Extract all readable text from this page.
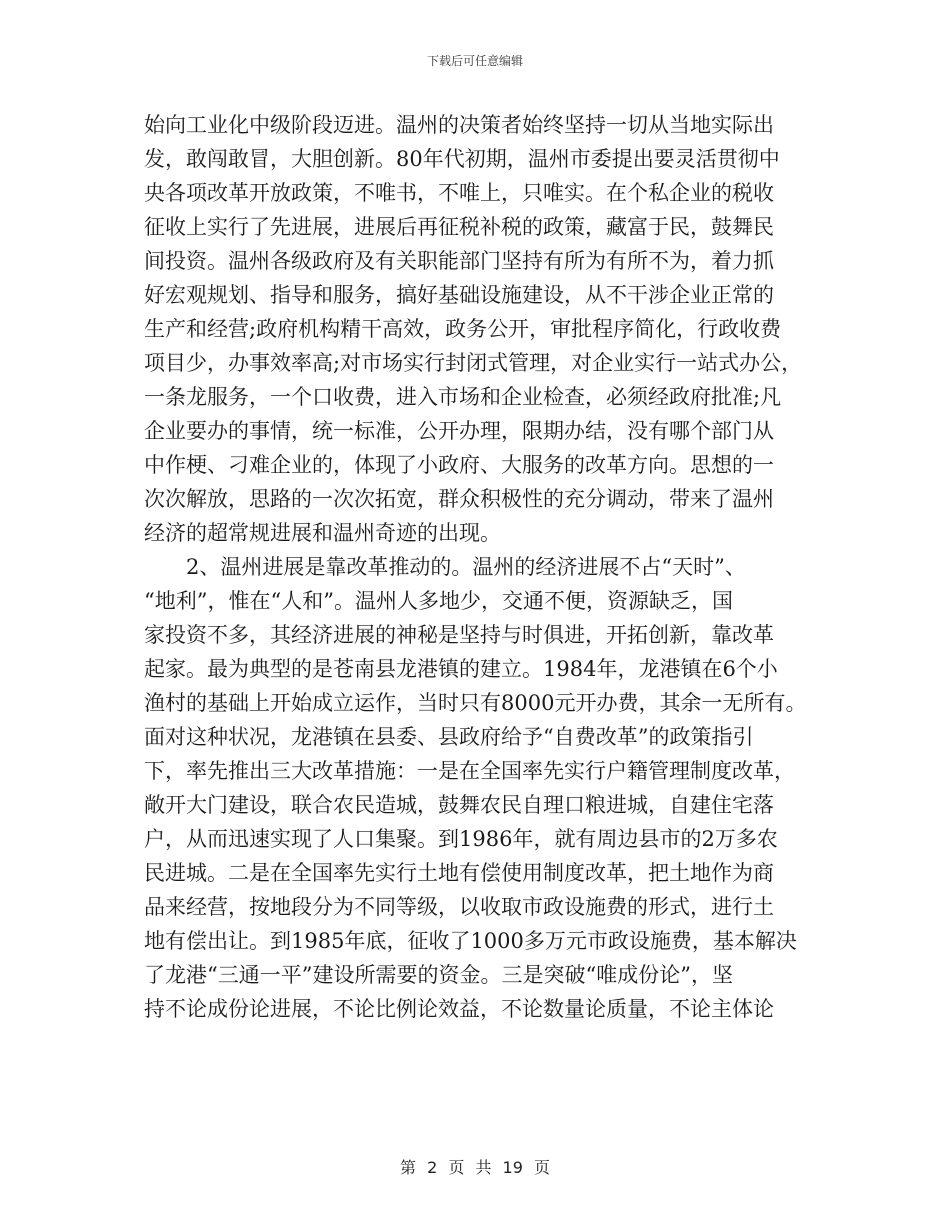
下载后可任意编辑

始向工业化中级阶段迈进。温州的决策者始终坚持一切从当地实际出
发，敢闯敢冒，大胆创新。80年代初期，温州市委提出要灵活贯彻中
央各项改革开放政策，不唯书，不唯上，只唯实。在个私企业的税收
征收上实行了先进展，进展后再征税补税的政策，藏富于民，鼓舞民
间投资。温州各级政府及有关职能部门坚持有所为有所不为，着力抓
好宏观规划、指导和服务，搞好基础设施建设，从不干涉企业正常的
生产和经营;政府机构精干高效，政务公开，审批程序简化，行政收费
项目少，办事效率高;对市场实行封闭式管理，对企业实行一站式办公，
一条龙服务，一个口收费，进入市场和企业检查，必须经政府批准;凡
企业要办的事情，统一标准，公开办理，限期办结，没有哪个部门从
中作梗、刁难企业的，体现了小政府、大服务的改革方向。思想的一
次次解放，思路的一次次拓宽，群众积极性的充分调动，带来了温州
经济的超常规进展和温州奇迹的出现。

2、温州进展是靠改革推动的。温州的经济进展不占“天时”、
“地利”，惟在“人和”。温州人多地少，交通不便，资源缺乏，国
家投资不多，其经济进展的神秘是坚持与时俱进，开拓创新，靠改革
起家。最为典型的是苍南县龙港镇的建立。1984年，龙港镇在6个小
渔村的基础上开始成立运作，当时只有8000元开办费，其余一无所有。
面对这种状况，龙港镇在县委、县政府给予“自费改革”的政策指引
下，率先推出三大改革措施：一是在全国率先实行户籍管理制度改革，
敞开大门建设，联合农民造城，鼓舞农民自理口粮进城，自建住宅落
户，从而迅速实现了人口集聚。到1986年，就有周边县市的2万多农
民进城。二是在全国率先实行土地有偿使用制度改革，把土地作为商
品来经营，按地段分为不同等级，以收取市政设施费的形式，进行土
地有偿出让。到1985年底，征收了1000多万元市政设施费，基本解决
了龙港“三通一平”建设所需要的资金。三是突破“唯成份论”，坚
持不论成份论进展，不论比例论效益，不论数量论质量，不论主体论

第 2 页 共 19 页
